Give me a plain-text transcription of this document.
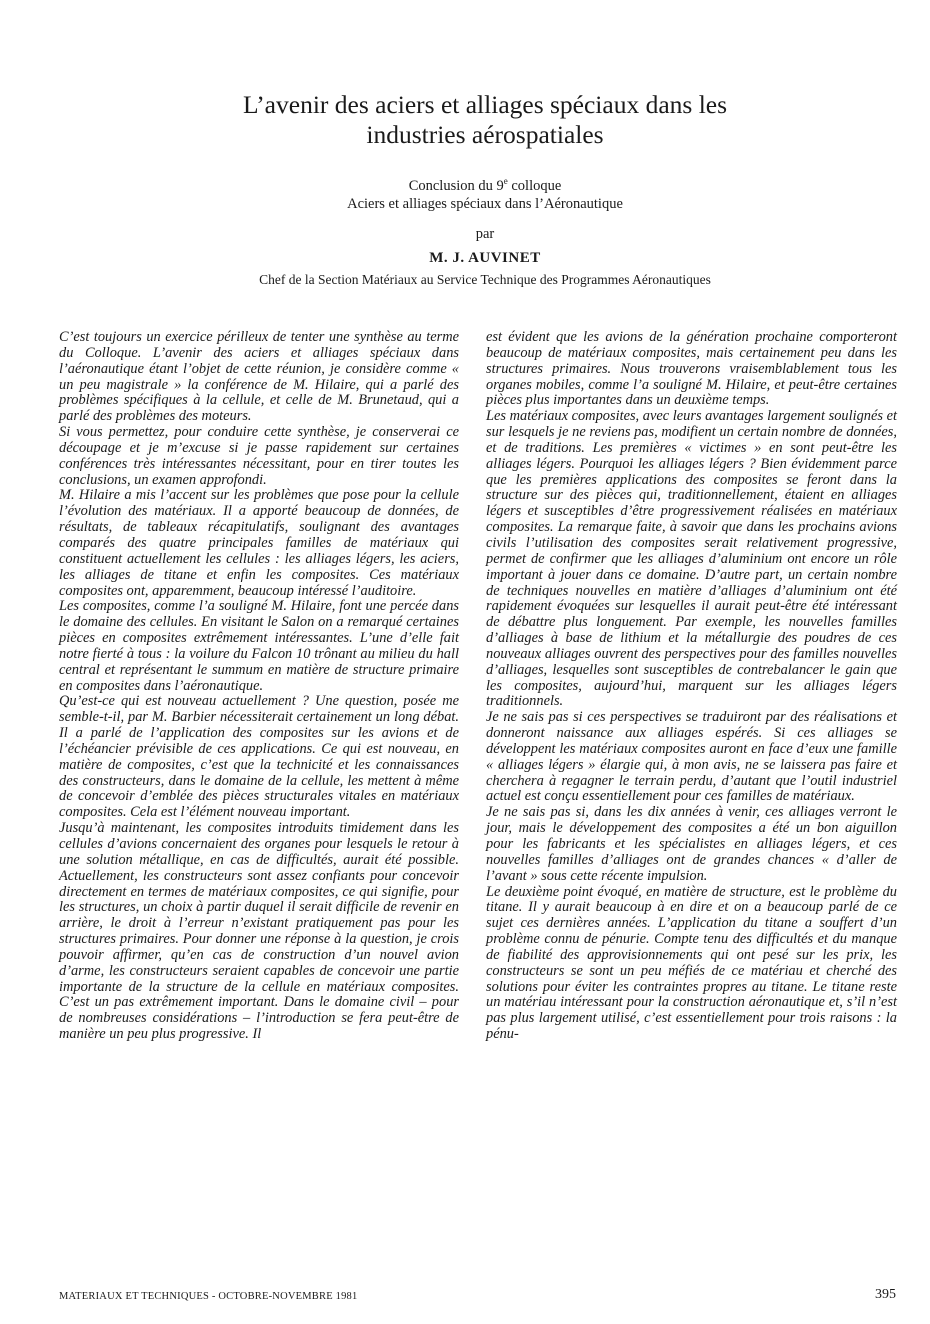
L’avenir des aciers et alliages spéciaux dans les
industries aérospatiales
Conclusion du 9e colloque
Aciers et alliages spéciaux dans l’Aéronautique
par
M. J. AUVINET
Chef de la Section Matériaux au Service Technique des Programmes Aéronautiques

C’est toujours un exercice périlleux de tenter une synthèse au terme du Colloque. L’avenir des aciers et alliages spéciaux dans l’aéronautique étant l’objet de cette réunion, je considère comme « un peu magistrale » la conférence de M. Hilaire, qui a parlé des problèmes spécifiques à la cellule, et celle de M. Brunetaud, qui a parlé des problèmes des moteurs.

Si vous permettez, pour conduire cette synthèse, je conserverai ce découpage et je m’excuse si je passe rapidement sur certaines conférences très intéressantes nécessitant, pour en tirer toutes les conclusions, un examen approfondi.

M. Hilaire a mis l’accent sur les problèmes que pose pour la cellule l’évolution des matériaux. Il a apporté beaucoup de données, de résultats, de tableaux récapitulatifs, soulignant des avantages comparés des quatre principales familles de matériaux qui constituent actuellement les cellules : les alliages légers, les aciers, les alliages de titane et enfin les composites. Ces matériaux composites ont, apparemment, beaucoup intéressé l’auditoire.

Les composites, comme l’a souligné M. Hilaire, font une percée dans le domaine des cellules. En visitant le Salon on a remarqué certaines pièces en composites extrêmement intéressantes. L’une d’elle fait notre fierté à tous : la voilure du Falcon 10 trônant au milieu du hall central et représentant le summum en matière de structure primaire en composites dans l’aéronautique.

Qu’est-ce qui est nouveau actuellement ? Une question, posée me semble-t-il, par M. Barbier nécessiterait certainement un long débat. Il a parlé de l’application des composites sur les avions et de l’échéancier prévisible de ces applications. Ce qui est nouveau, en matière de composites, c’est que la technicité et les connaissances des constructeurs, dans le domaine de la cellule, les mettent à même de concevoir d’emblée des pièces structurales vitales en matériaux composites. Cela est l’élément nouveau important.

Jusqu’à maintenant, les composites introduits timidement dans les cellules d’avions concernaient des organes pour lesquels le retour à une solution métallique, en cas de difficultés, aurait été possible. Actuellement, les constructeurs sont assez confiants pour concevoir directement en termes de matériaux composites, ce qui signifie, pour les structures, un choix à partir duquel il serait difficile de revenir en arrière, le droit à l’erreur n’existant pratiquement pas pour les structures primaires. Pour donner une réponse à la question, je crois pouvoir affirmer, qu’en cas de construction d’un nouvel avion d’arme, les constructeurs seraient capables de concevoir une partie importante de la structure de la cellule en matériaux composites. C’est un pas extrêmement important. Dans le domaine civil – pour de nombreuses considérations – l’introduction se fera peut-être de manière un peu plus progressive. Il

est évident que les avions de la génération prochaine comporteront beaucoup de matériaux composites, mais certainement peu dans les structures primaires. Nous trouverons vraisemblablement tous les organes mobiles, comme l’a souligné M. Hilaire, et peut-être certaines pièces plus importantes dans un deuxième temps.

Les matériaux composites, avec leurs avantages largement soulignés et sur lesquels je ne reviens pas, modifient un certain nombre de données, et de traditions. Les premières « victimes » en sont peut-être les alliages légers. Pourquoi les alliages légers ? Bien évidemment parce que les premières applications des composites se feront dans la structure sur des pièces qui, traditionnellement, étaient en alliages légers et susceptibles d’être progressivement réalisées en matériaux composites. La remarque faite, à savoir que dans les prochains avions civils l’utilisation des composites serait relativement progressive, permet de confirmer que les alliages d’aluminium ont encore un rôle important à jouer dans ce domaine. D’autre part, un certain nombre de techniques nouvelles en matière d’alliages d’aluminium ont été rapidement évoquées sur lesquelles il aurait peut-être été intéressant de débattre plus longuement. Par exemple, les nouvelles familles d’alliages à base de lithium et la métallurgie des poudres de ces nouveaux alliages ouvrent des perspectives pour des familles nouvelles d’alliages, lesquelles sont susceptibles de contrebalancer le gain que les composites, aujourd’hui, marquent sur les alliages légers traditionnels.

Je ne sais pas si ces perspectives se traduiront par des réalisations et donneront naissance aux alliages espérés. Si ces alliages se développent les matériaux composites auront en face d’eux une famille « alliages légers » élargie qui, à mon avis, ne se laissera pas faire et cherchera à regagner le terrain perdu, d’autant que l’outil industriel actuel est conçu essentiellement pour ces familles de matériaux.

Je ne sais pas si, dans les dix années à venir, ces alliages verront le jour, mais le développement des composites a été un bon aiguillon pour les fabricants et les spécialistes en alliages légers, et ces nouvelles familles d’alliages ont de grandes chances « d’aller de l’avant » sous cette récente impulsion.

Le deuxième point évoqué, en matière de structure, est le problème du titane. Il y aurait beaucoup à en dire et on a beaucoup parlé de ce sujet ces dernières années. L’application du titane a souffert d’un problème connu de pénurie. Compte tenu des difficultés et du manque de fiabilité des approvisionnements qui ont pesé sur les prix, les constructeurs se sont un peu méfiés de ce matériau et cherché des solutions pour éviter les contraintes propres au titane. Le titane reste un matériau intéressant pour la construction aéronautique et, s’il n’est pas plus largement utilisé, c’est essentiellement pour trois raisons : la pénu-

MATERIAUX ET TECHNIQUES - OCTOBRE-NOVEMBRE 1981	395
